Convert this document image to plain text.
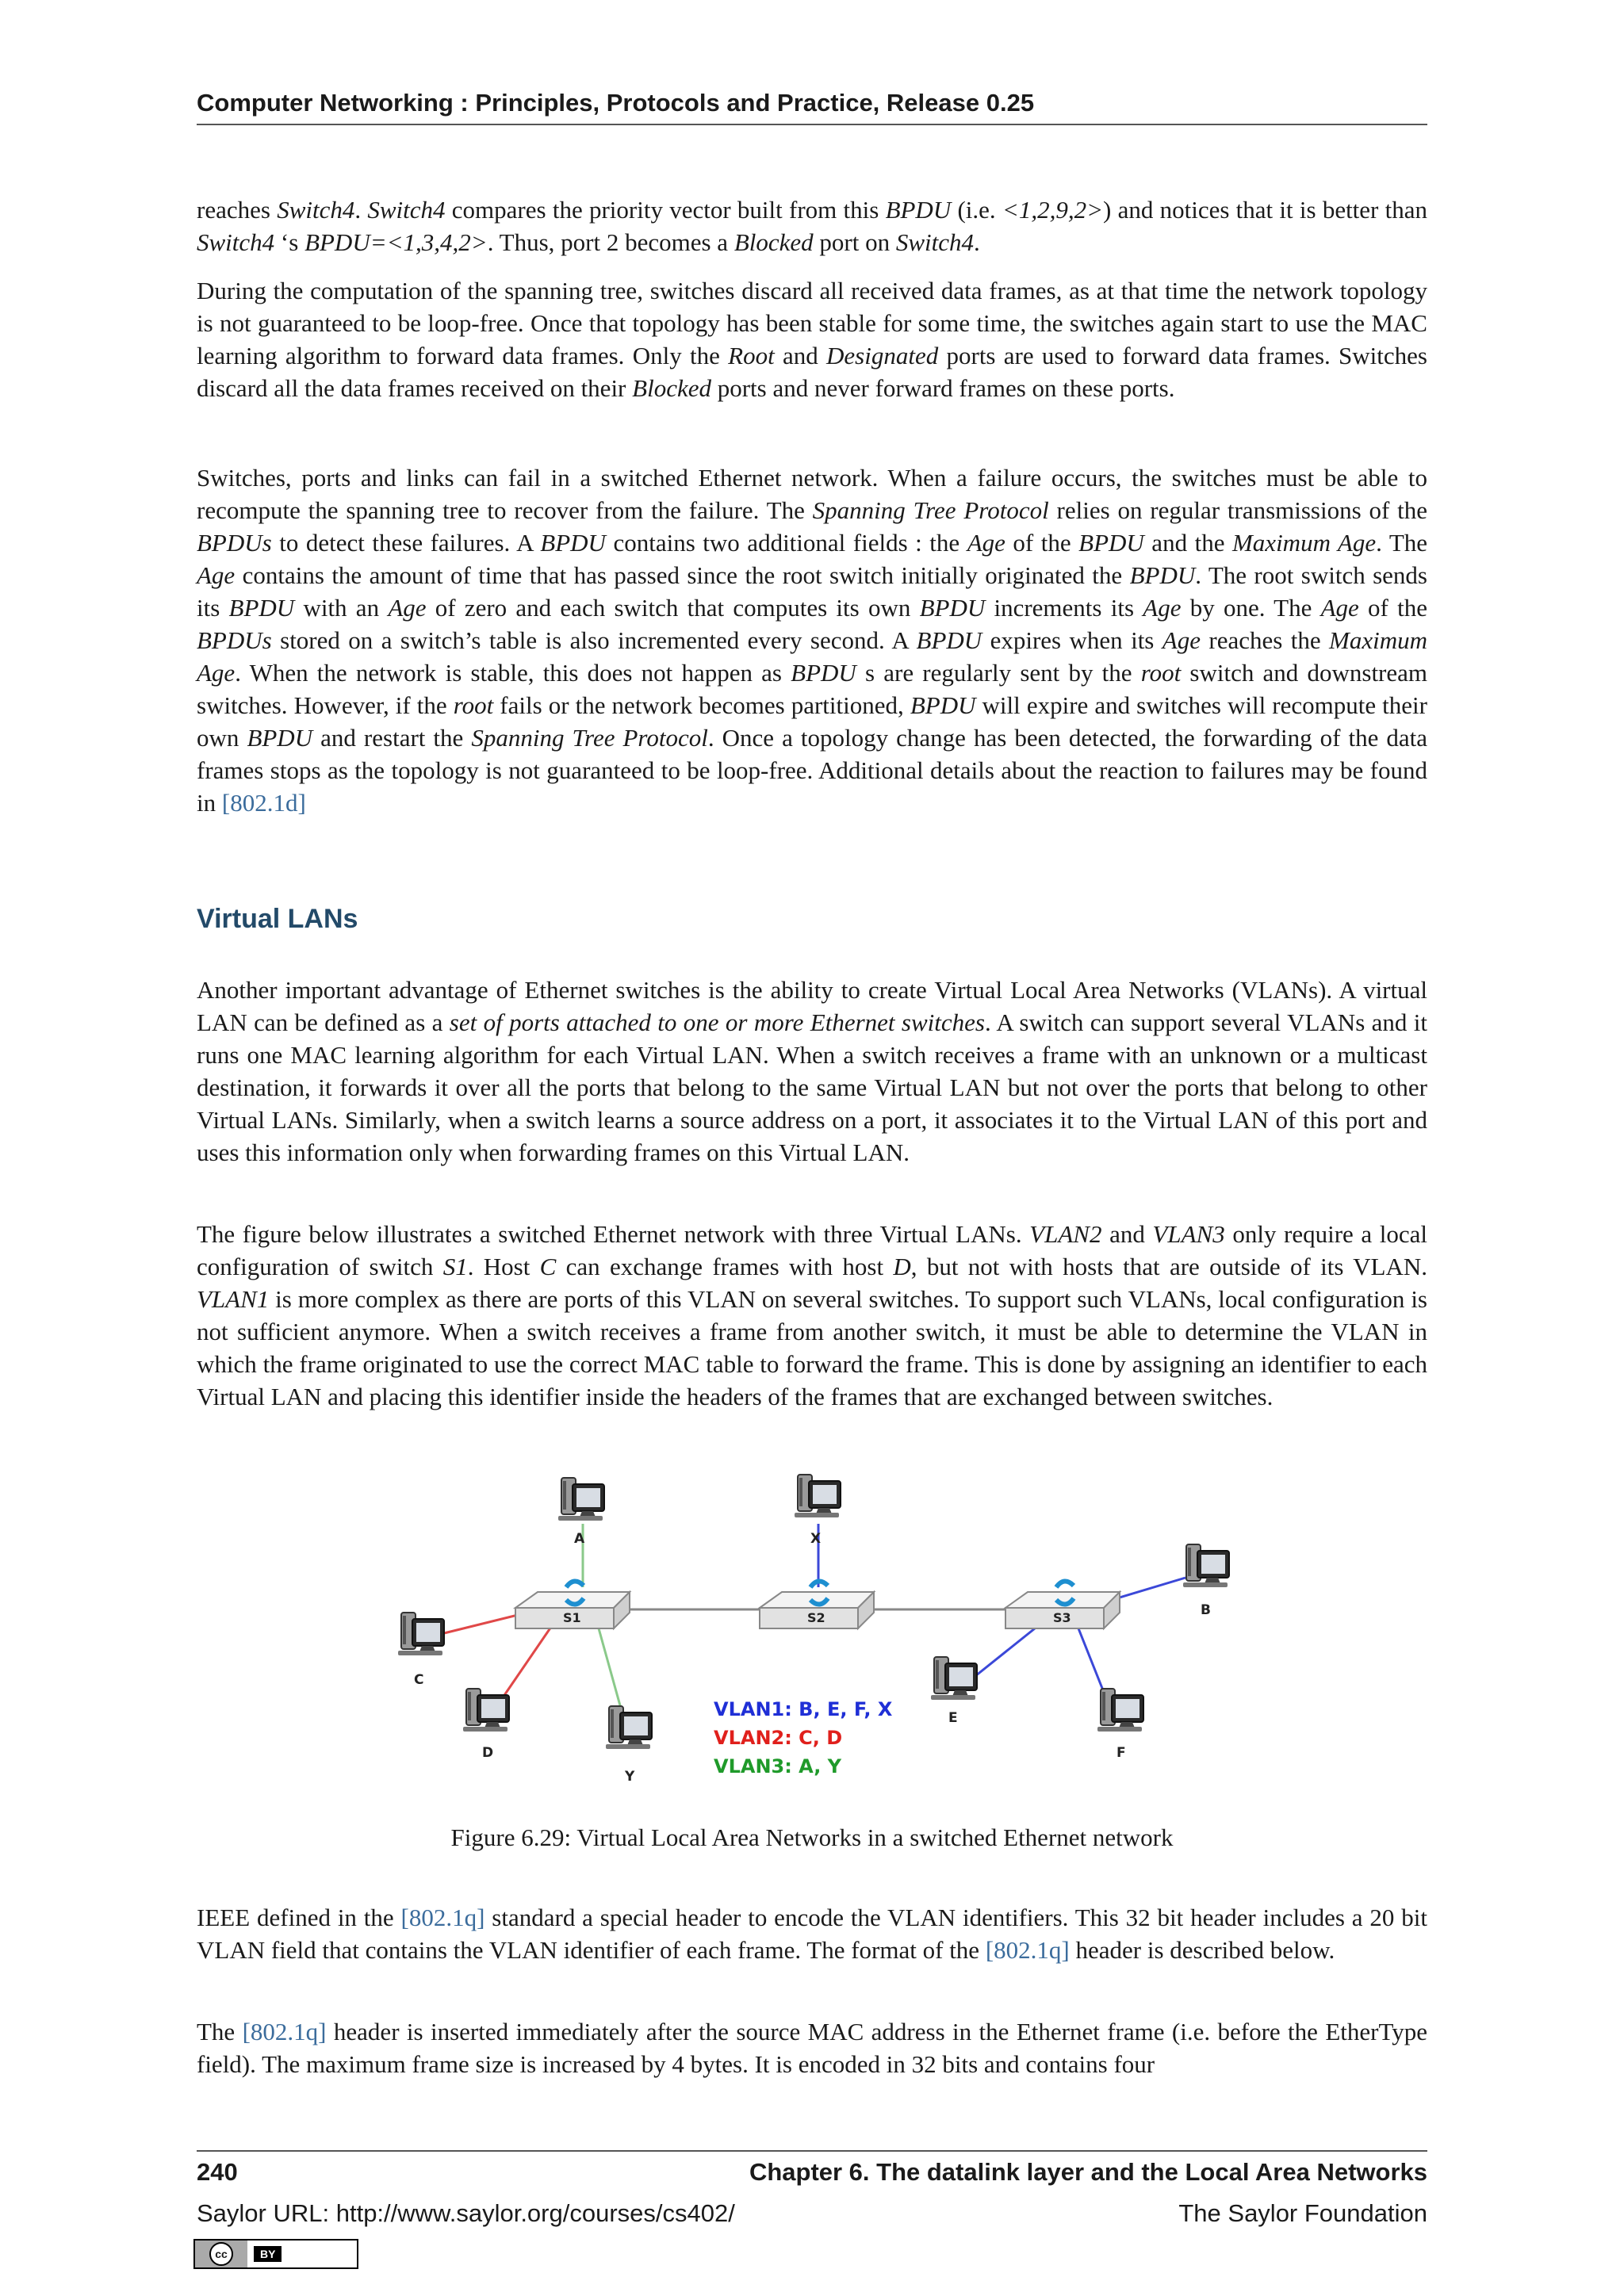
Computer Networking : Principles, Protocols and Practice, Release 0.25

reaches Switch4. Switch4 compares the priority vector built from this BPDU (i.e. <1,2,9,2>) and notices that it is better than Switch4 ‘s BPDU=<1,3,4,2>. Thus, port 2 becomes a Blocked port on Switch4.

During the computation of the spanning tree, switches discard all received data frames, as at that time the network topology is not guaranteed to be loop-free. Once that topology has been stable for some time, the switches again start to use the MAC learning algorithm to forward data frames. Only the Root and Designated ports are used to forward data frames. Switches discard all the data frames received on their Blocked ports and never forward frames on these ports.

Switches, ports and links can fail in a switched Ethernet network. When a failure occurs, the switches must be able to recompute the spanning tree to recover from the failure. The Spanning Tree Protocol relies on regular transmissions of the BPDUs to detect these failures. A BPDU contains two additional fields : the Age of the BPDU and the Maximum Age. The Age contains the amount of time that has passed since the root switch initially originated the BPDU. The root switch sends its BPDU with an Age of zero and each switch that computes its own BPDU increments its Age by one. The Age of the BPDUs stored on a switch’s table is also incremented every second. A BPDU expires when its Age reaches the Maximum Age. When the network is stable, this does not happen as BPDU s are regularly sent by the root switch and downstream switches. However, if the root fails or the network becomes partitioned, BPDU will expire and switches will recompute their own BPDU and restart the Spanning Tree Protocol. Once a topology change has been detected, the forwarding of the data frames stops as the topology is not guaranteed to be loop-free. Additional details about the reaction to failures may be found in [802.1d]

Virtual LANs

Another important advantage of Ethernet switches is the ability to create Virtual Local Area Networks (VLANs). A virtual LAN can be defined as a set of ports attached to one or more Ethernet switches. A switch can support several VLANs and it runs one MAC learning algorithm for each Virtual LAN. When a switch receives a frame with an unknown or a multicast destination, it forwards it over all the ports that belong to the same Virtual LAN but not over the ports that belong to other Virtual LANs. Similarly, when a switch learns a source address on a port, it associates it to the Virtual LAN of this port and uses this information only when forwarding frames on this Virtual LAN.

The figure below illustrates a switched Ethernet network with three Virtual LANs. VLAN2 and VLAN3 only require a local configuration of switch S1. Host C can exchange frames with host D, but not with hosts that are outside of its VLAN. VLAN1 is more complex as there are ports of this VLAN on several switches. To support such VLANs, local configuration is not sufficient anymore. When a switch receives a frame from another switch, it must be able to determine the VLAN in which the frame originated to use the correct MAC table to forward the frame. This is done by assigning an identifier to each Virtual LAN and placing this identifier inside the headers of the frames that are exchanged between switches.

S1	S2	S3
A	X
B
C
D
Y
E
F
VLAN1: B, E, F, X
VLAN2: C, D
VLAN3: A, Y
Figure 6.29: Virtual Local Area Networks in a switched Ethernet network

IEEE defined in the [802.1q] standard a special header to encode the VLAN identifiers. This 32 bit header includes a 20 bit VLAN field that contains the VLAN identifier of each frame. The format of the [802.1q] header is described below.

The [802.1q] header is inserted immediately after the source MAC address in the Ethernet frame (i.e. before the EtherType field). The maximum frame size is increased by 4 bytes. It is encoded in 32 bits and contains four

240	Chapter 6. The datalink layer and the Local Area Networks
Saylor URL: http://www.saylor.org/courses/cs402/	The Saylor Foundation
cc	BY
